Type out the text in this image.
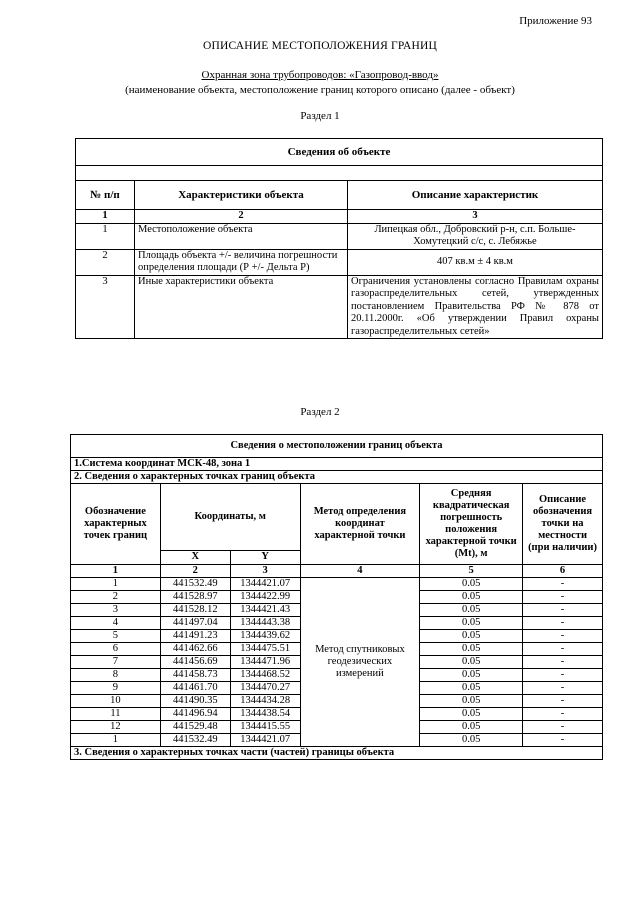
Приложение 93
ОПИСАНИЕ МЕСТОПОЛОЖЕНИЯ ГРАНИЦ
Охранная зона трубопроводов: «Газопровод-ввод»
(наименование объекта, местоположение границ которого описано (далее - объект)
Раздел 1
Сведения об объекте		

№ п/п	Характеристики объекта	Описание характеристик
1	2	3
1	Местоположение объекта	Липецкая обл., Добровский р-н, с.п. Больше-Хомутецкий с/с, с. Лебяжье
2	Площадь объекта +/- величина погрешности определения площади (Р +/- Дельта Р)	407 кв.м ± 4 кв.м
3	Иные характеристики объекта	Ограничения установлены согласно Правилам охраны газораспределительных сетей, утвержденных постановлением Правительства РФ № 878 от 20.11.2000г. «Об утверждении Правил охраны газораспределительных сетей»
Раздел 2
Сведения о местоположении границ объекта					
1.Система координат МСК-48, зона 1					
2. Сведения о характерных точках границ объекта					
Обозначение характерных точек границ	Координаты, м		Метод определения координат характерной точки	Средняя квадратическая погрешность положения характерной точки (Mt), м	Описание обозначения точки на местности (при наличии)
	X	Y			
1	2	3	4	5	6
1	441532.49	1344421.07	Метод спутниковых геодезических измерений	0.05	-
2	441528.97	1344422.99		0.05	-
3	441528.12	1344421.43		0.05	-
4	441497.04	1344443.38		0.05	-
5	441491.23	1344439.62		0.05	-
6	441462.66	1344475.51		0.05	-
7	441456.69	1344471.96		0.05	-
8	441458.73	1344468.52		0.05	-
9	441461.70	1344470.27		0.05	-
10	441490.35	1344434.28		0.05	-
11	441496.94	1344438.54		0.05	-
12	441529.48	1344415.55		0.05	-
1	441532.49	1344421.07		0.05	-
3. Сведения о характерных точках части (частей) границы объекта					
